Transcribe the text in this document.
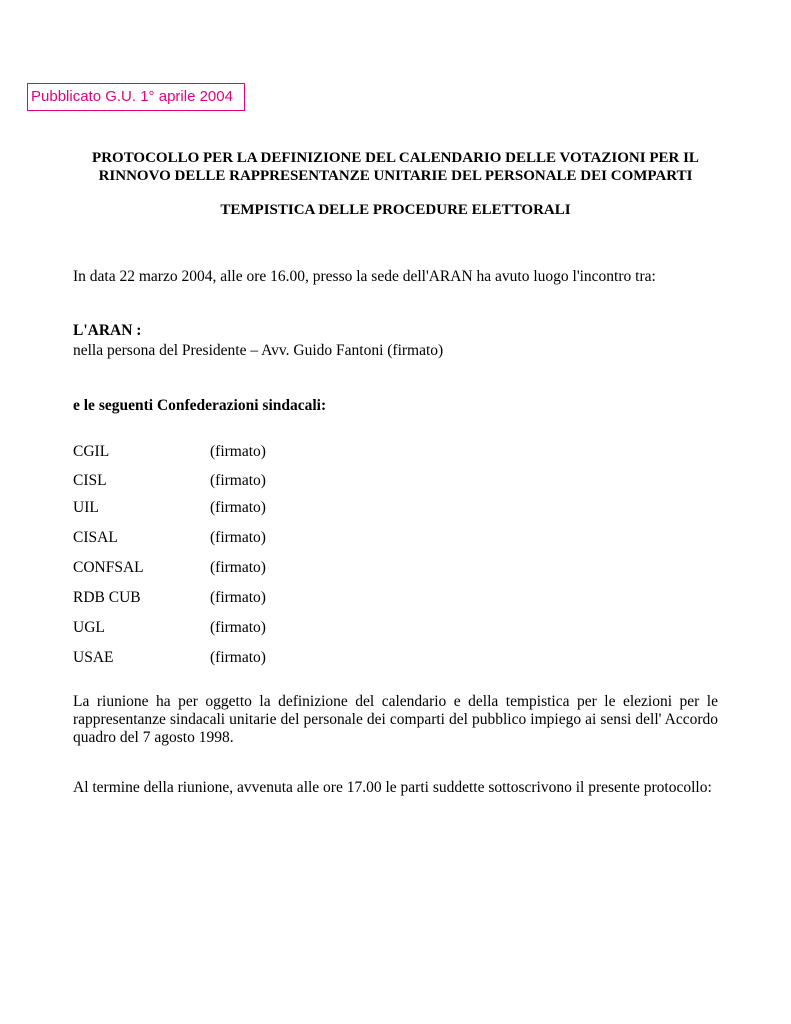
Pubblicato G.U. 1° aprile 2004
PROTOCOLLO PER LA DEFINIZIONE DEL CALENDARIO DELLE VOTAZIONI PER IL
RINNOVO DELLE RAPPRESENTANZE UNITARIE DEL PERSONALE DEI COMPARTI
TEMPISTICA DELLE PROCEDURE ELETTORALI
In data 22 marzo 2004, alle ore 16.00, presso la sede dell'ARAN ha avuto luogo l'incontro tra:
L'ARAN :
nella persona del Presidente – Avv. Guido Fantoni (firmato)
e le seguenti Confederazioni sindacali:
CGIL	(firmato)
CISL	(firmato)
UIL	(firmato)
CISAL	(firmato)
CONFSAL	(firmato)
RDB CUB	(firmato)
UGL	(firmato)
USAE	(firmato)
La riunione ha per oggetto la definizione del calendario e della tempistica per le elezioni per le rappresentanze sindacali unitarie del personale dei comparti del pubblico impiego ai sensi dell' Accordo quadro del 7 agosto 1998.
Al termine della riunione, avvenuta alle ore 17.00 le parti suddette sottoscrivono il presente protocollo:
